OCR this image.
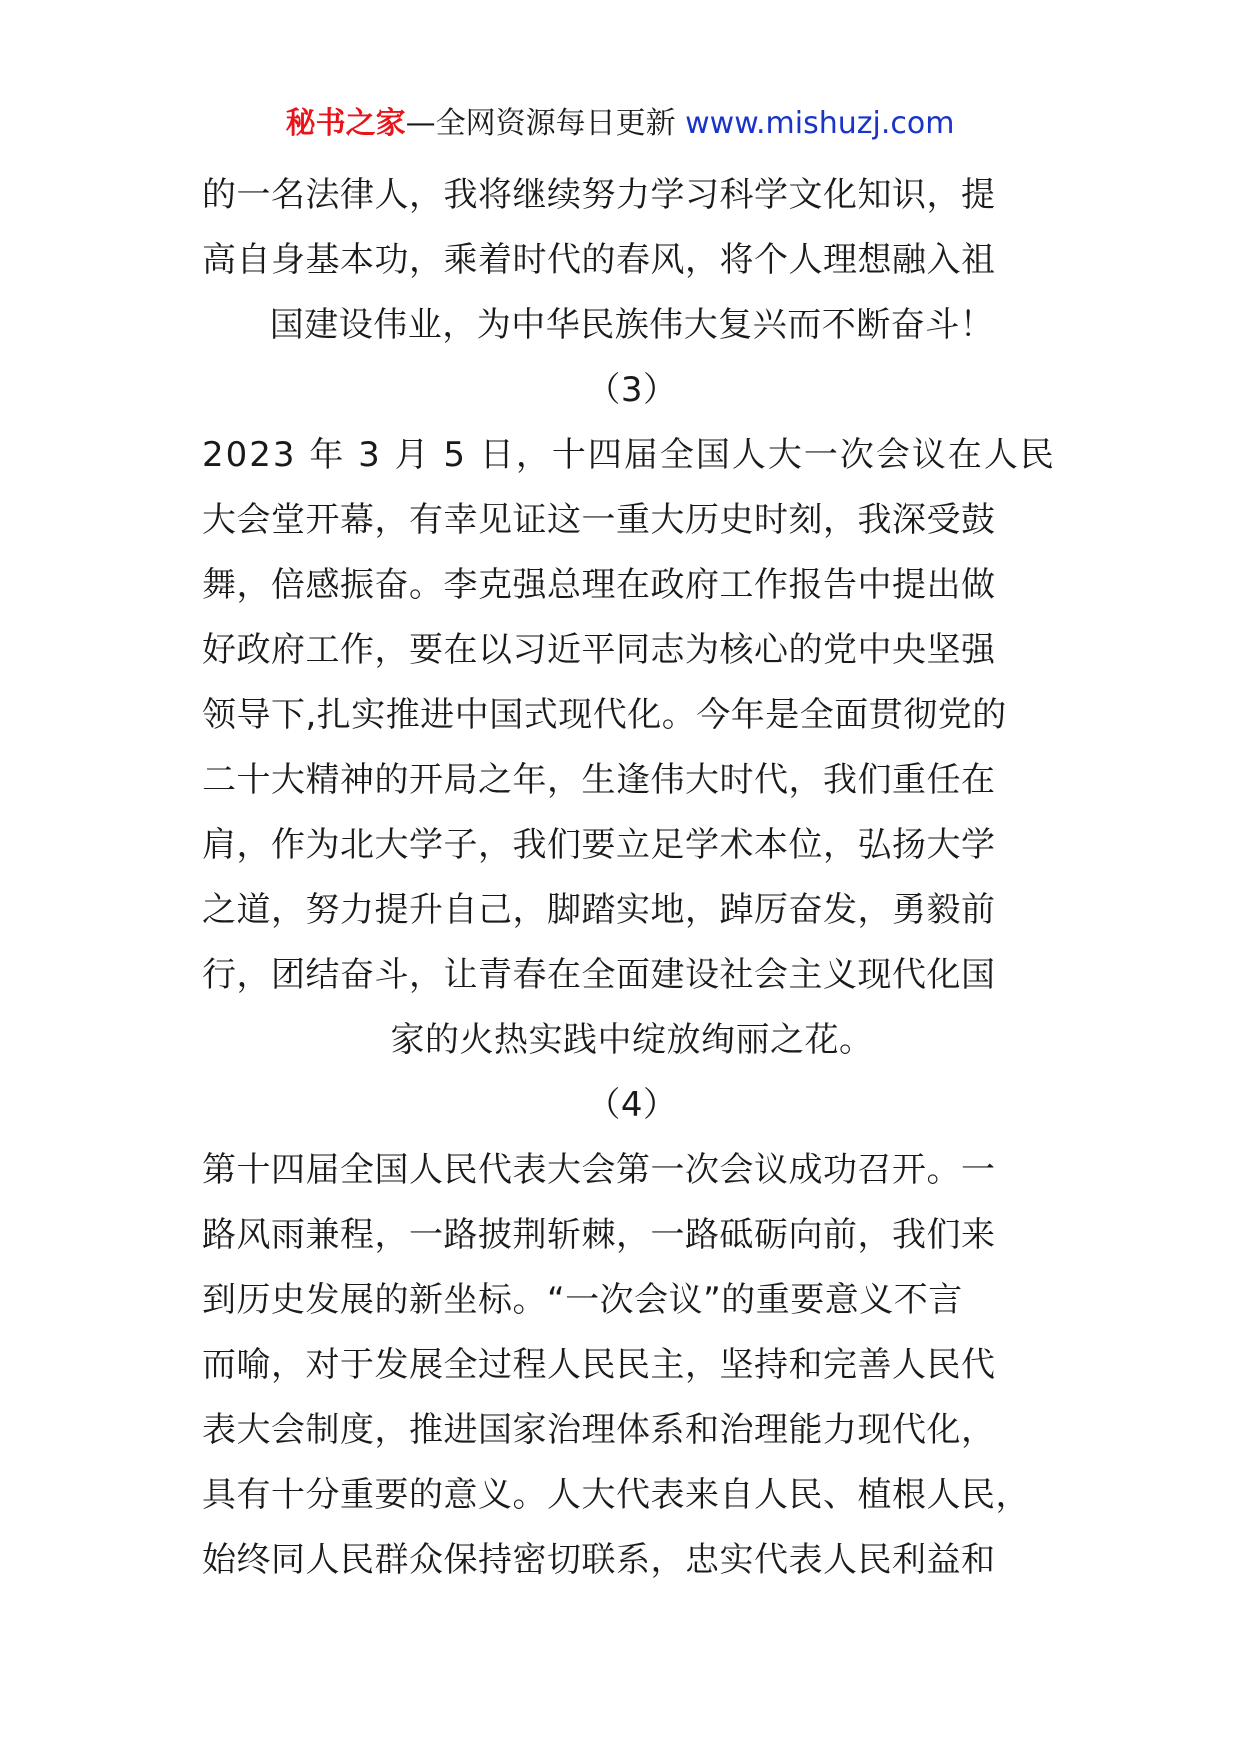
秘书之家—全网资源每日更新 www.mishuzj.com
的一名法律人，我将继续努力学习科学文化知识，提
高自身基本功，乘着时代的春风，将个人理想融入祖
国建设伟业，为中华民族伟大复兴而不断奋斗！
（3）
2023 年 3 月 5 日，十四届全国人大一次会议在人民
大会堂开幕，有幸见证这一重大历史时刻，我深受鼓
舞，倍感振奋。李克强总理在政府工作报告中提出做
好政府工作，要在以习近平同志为核心的党中央坚强
领导下,扎实推进中国式现代化。今年是全面贯彻党的
二十大精神的开局之年，生逢伟大时代，我们重任在
肩，作为北大学子，我们要立足学术本位，弘扬大学
之道，努力提升自己，脚踏实地，踔厉奋发，勇毅前
行，团结奋斗，让青春在全面建设社会主义现代化国
家的火热实践中绽放绚丽之花。
（4）
第十四届全国人民代表大会第一次会议成功召开。一
路风雨兼程，一路披荆斩棘，一路砥砺向前，我们来
到历史发展的新坐标。“一次会议”的重要意义不言
而喻，对于发展全过程人民民主，坚持和完善人民代
表大会制度，推进国家治理体系和治理能力现代化，
具有十分重要的意义。人大代表来自人民、植根人民，
始终同人民群众保持密切联系，忠实代表人民利益和
